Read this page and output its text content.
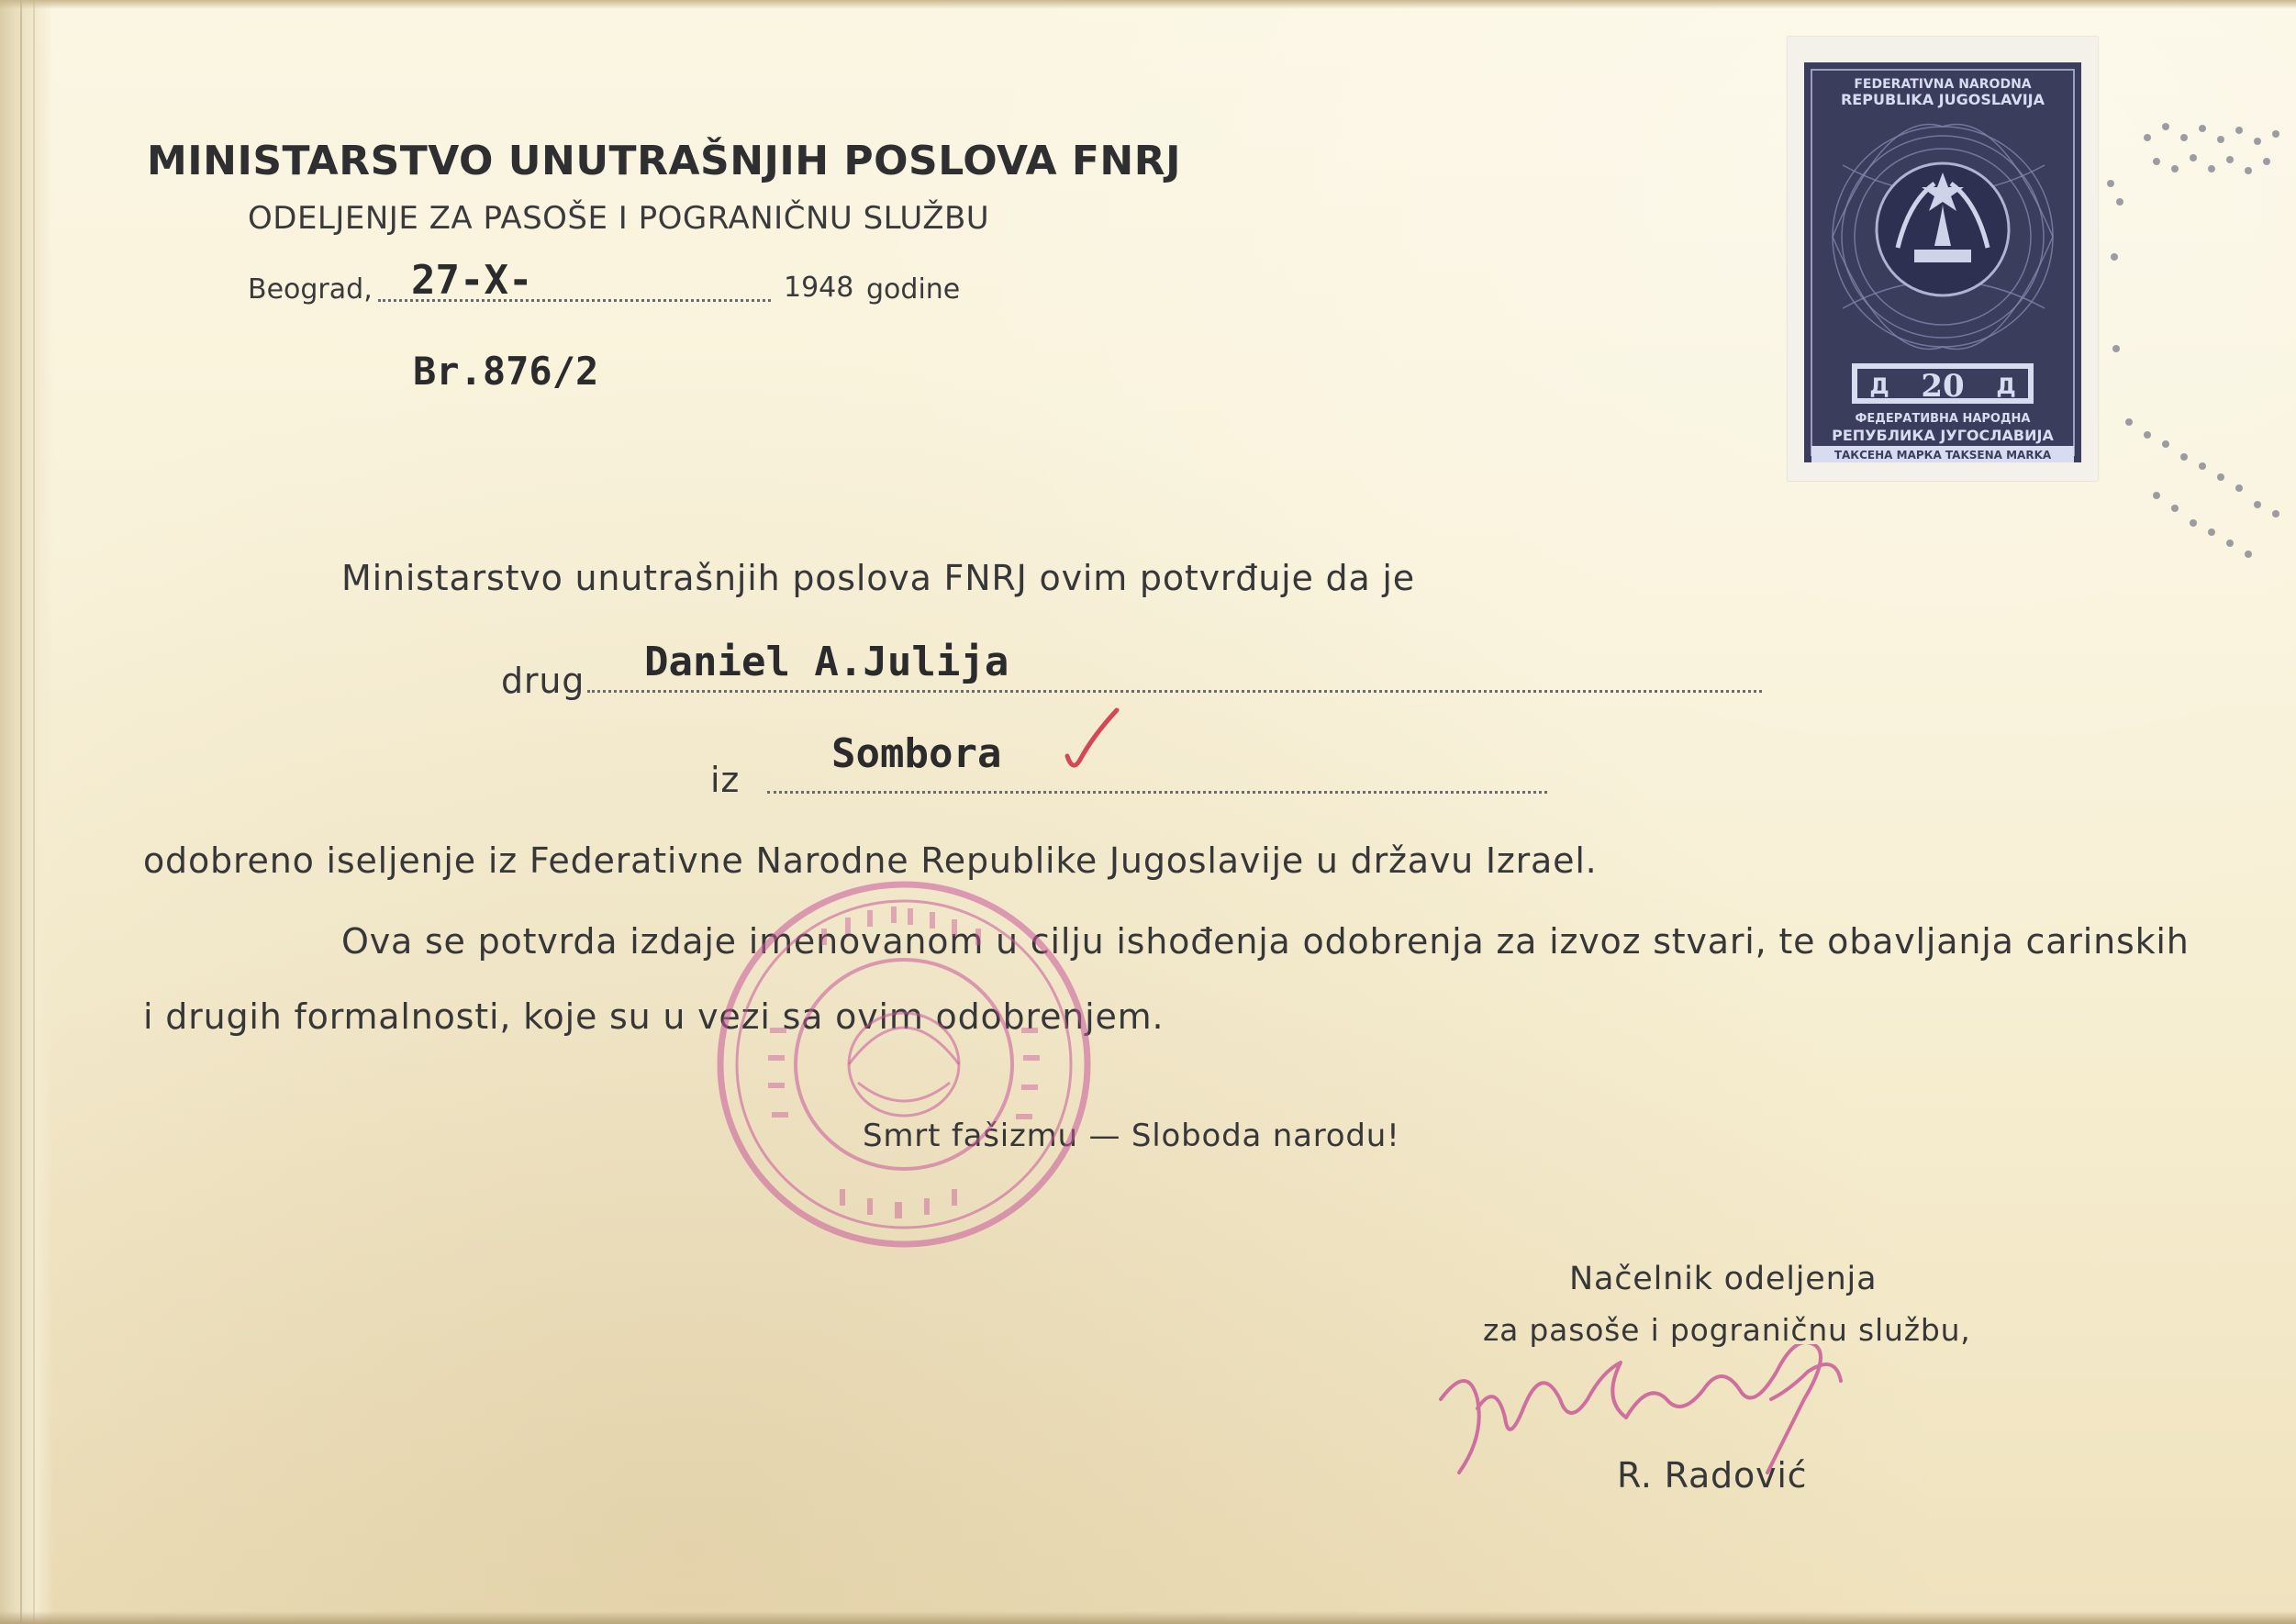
MINISTARSTVO UNUTRAŠNJIH POSLOVA FNRJ
ODELJENJE ZA PASOŠE I POGRANIČNU SLUŽBU
Beograd, 27-X-	1948 godine
Br.876/2
Ministarstvo unutrašnjih poslova FNRJ ovim potvrđuje da je
drug Daniel A.Julija
iz
Sombora
odobreno iseljenje iz Federativne Narodne Republike Jugoslavije u državu Izrael.
Ova se potvrda izdaje imenovanom u cilju ishođenja odobrenja za izvoz stvari, te obavljanja carinskih
i drugih formalnosti, koje su u vezi sa ovim odobrenjem.
Smrt fašizmu — Sloboda narodu!
Načelnik odeljenja
za pasoše i pograničnu službu,
R. Radović
FEDERATIVNA NARODNA
REPUBLIKA JUGOSLAVIJA
Д 20 Д
ФЕДЕРАТИВНА НАРОДНА
РЕПУБЛИКА ЈУГОСЛАВИЈА
ТАКСЕНА МАРКА TAKSENA MARKA
